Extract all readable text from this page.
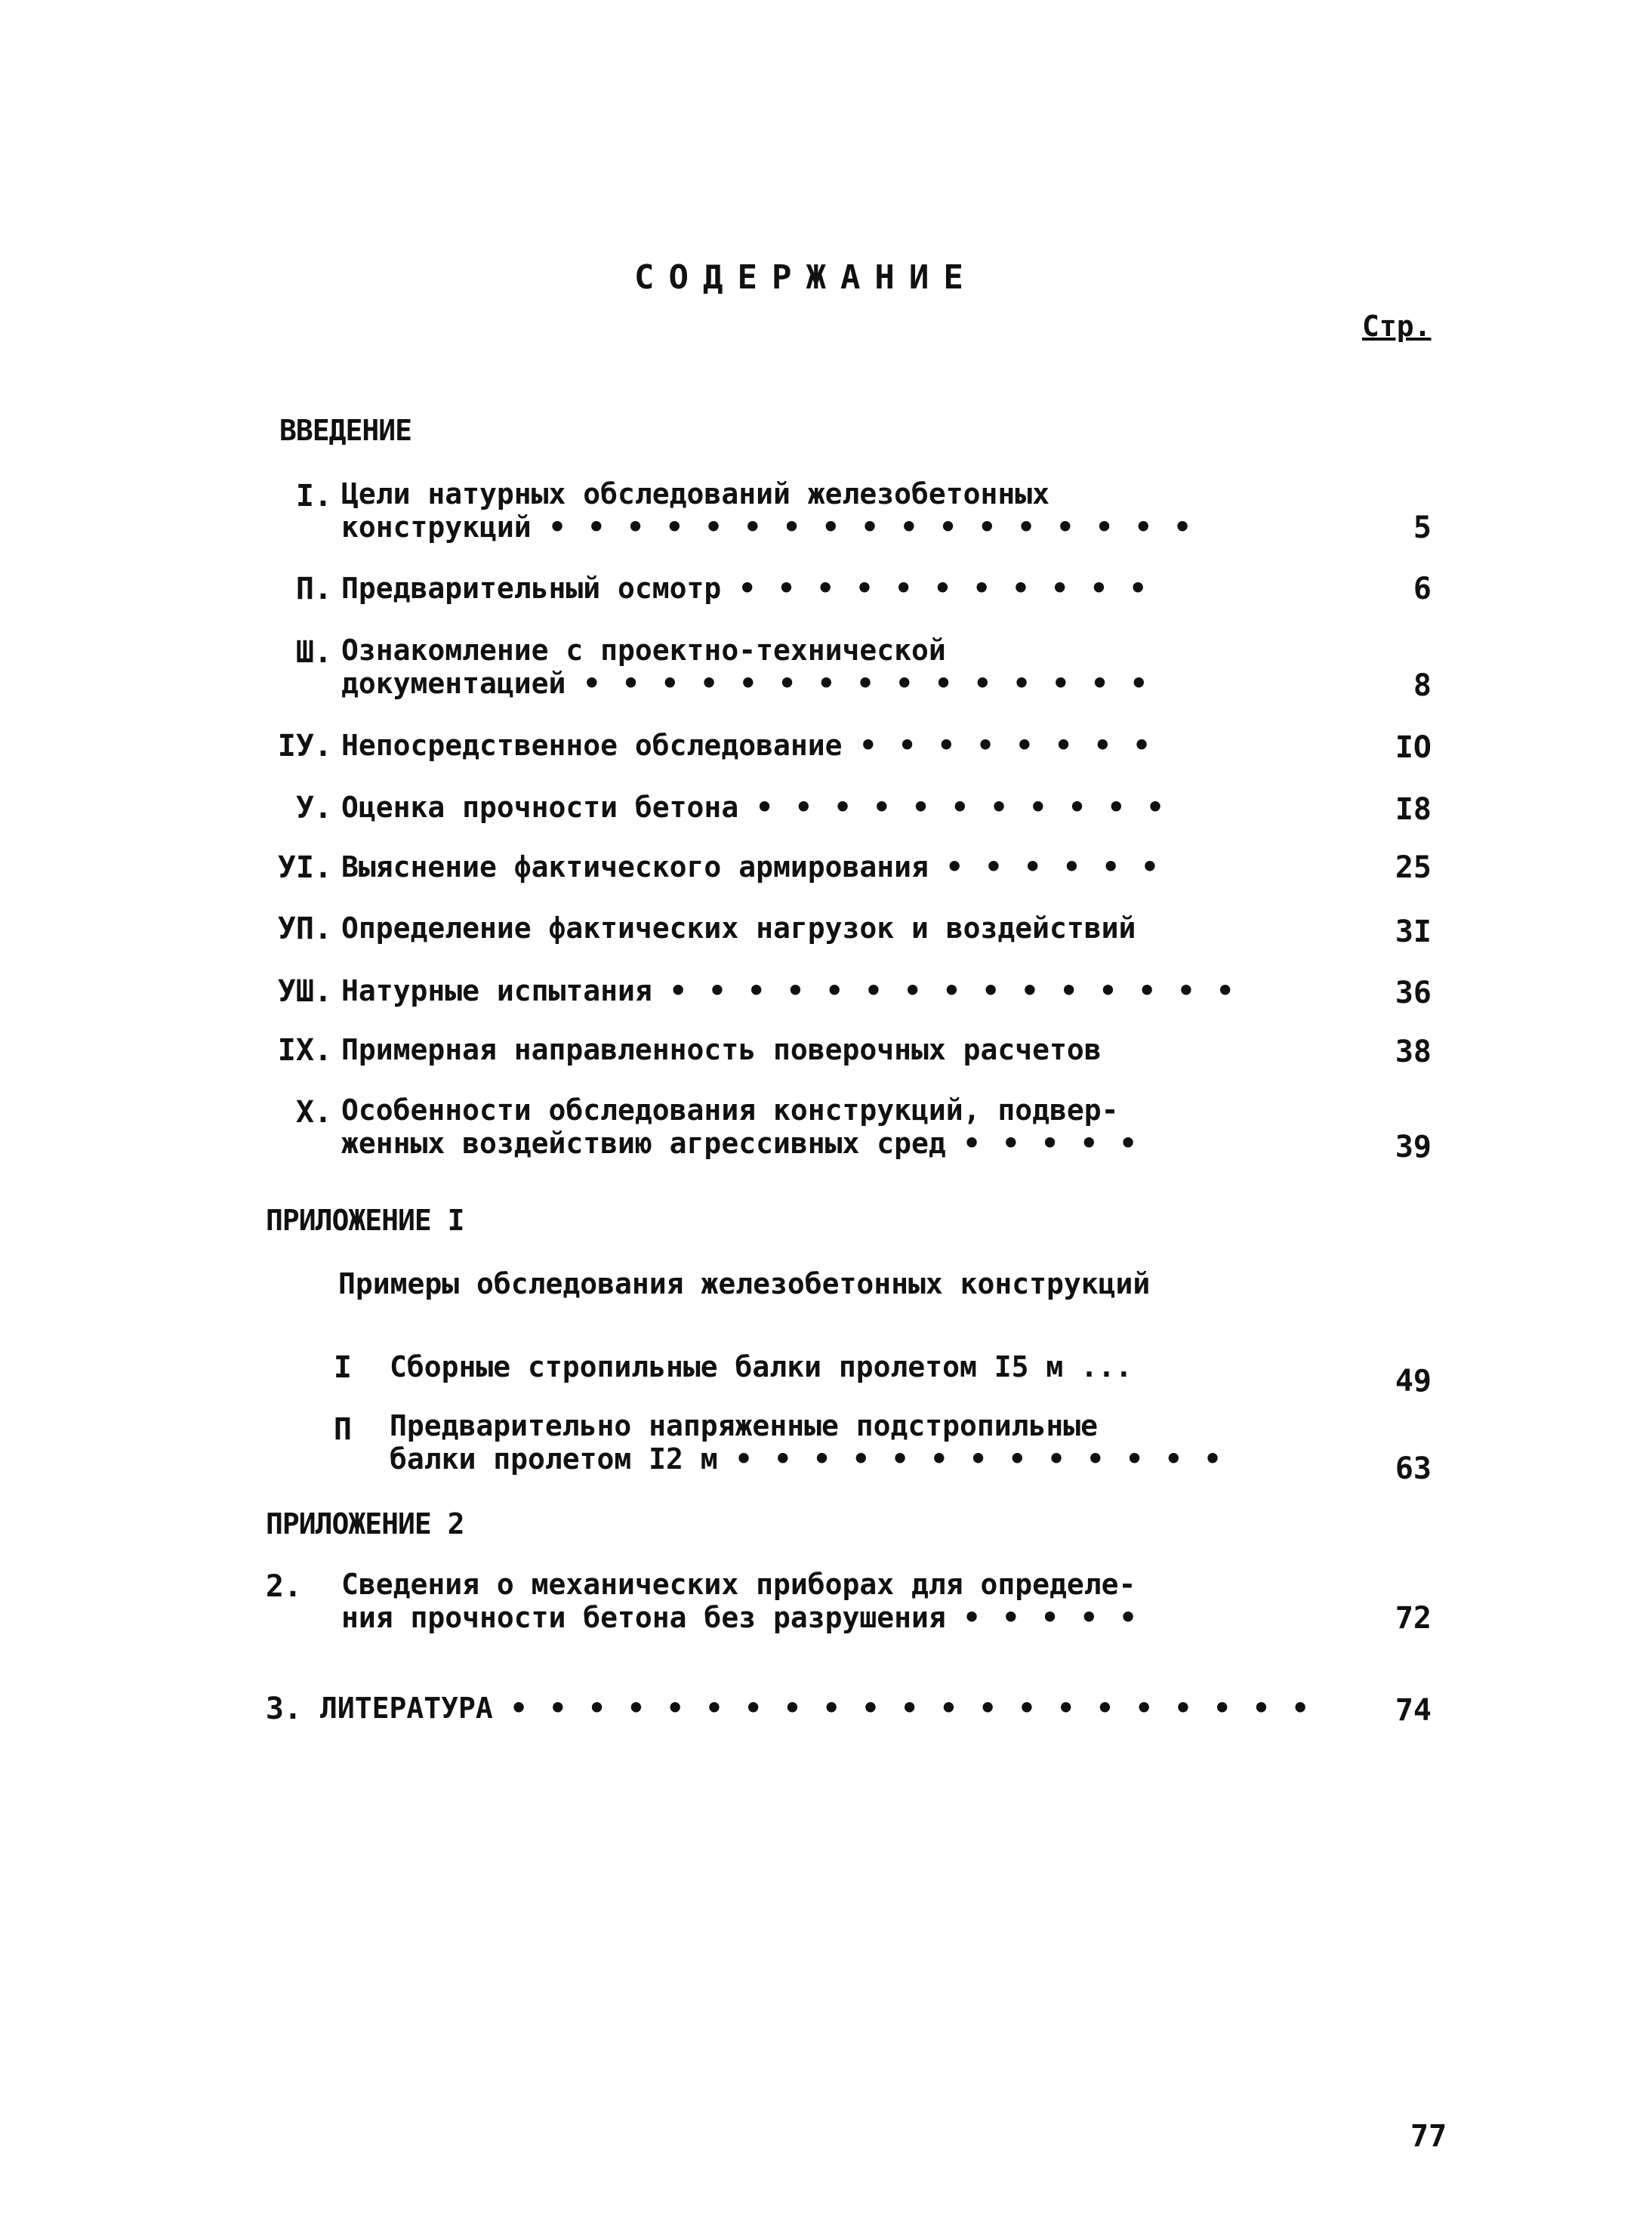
СОДЕРЖАНИЕ
Стр.
ВВЕДЕНИЕ
I. Цели натурных обследований железобетонных
конструкций • • • • • • • • • • • • • • • • •	5
П. Предварительный осмотр • • • • • • • • • • •	6
Ш. Ознакомление с проектно-технической
документацией • • • • • • • • • • • • • • •	8
IУ. Непосредственное обследование • • • • • • • •	IO
У. Оценка прочности бетона • • • • • • • • • • •	I8
УI. Выяснение фактического армирования • • • • • •	25
УП. Определение фактических нагрузок и воздействий	3I
УШ. Натурные испытания • • • • • • • • • • • • • • •	36
IX. Примерная направленность поверочных расчетов	38
X. Особенности обследования конструкций, подвер-
женных воздействию агрессивных сред • • • • •	39
ПРИЛОЖЕНИЕ I
Примеры обследования железобетонных конструкций
I Сборные стропильные балки пролетом I5 м ...	49
П Предварительно напряженные подстропильные
балки пролетом I2 м • • • • • • • • • • • • •	63
ПРИЛОЖЕНИЕ 2
2. Сведения о механических приборах для определе-
ния прочности бетона без разрушения • • • • •	72
3. ЛИТЕРАТУРА • • • • • • • • • • • • • • • • • • • • •	74
77
